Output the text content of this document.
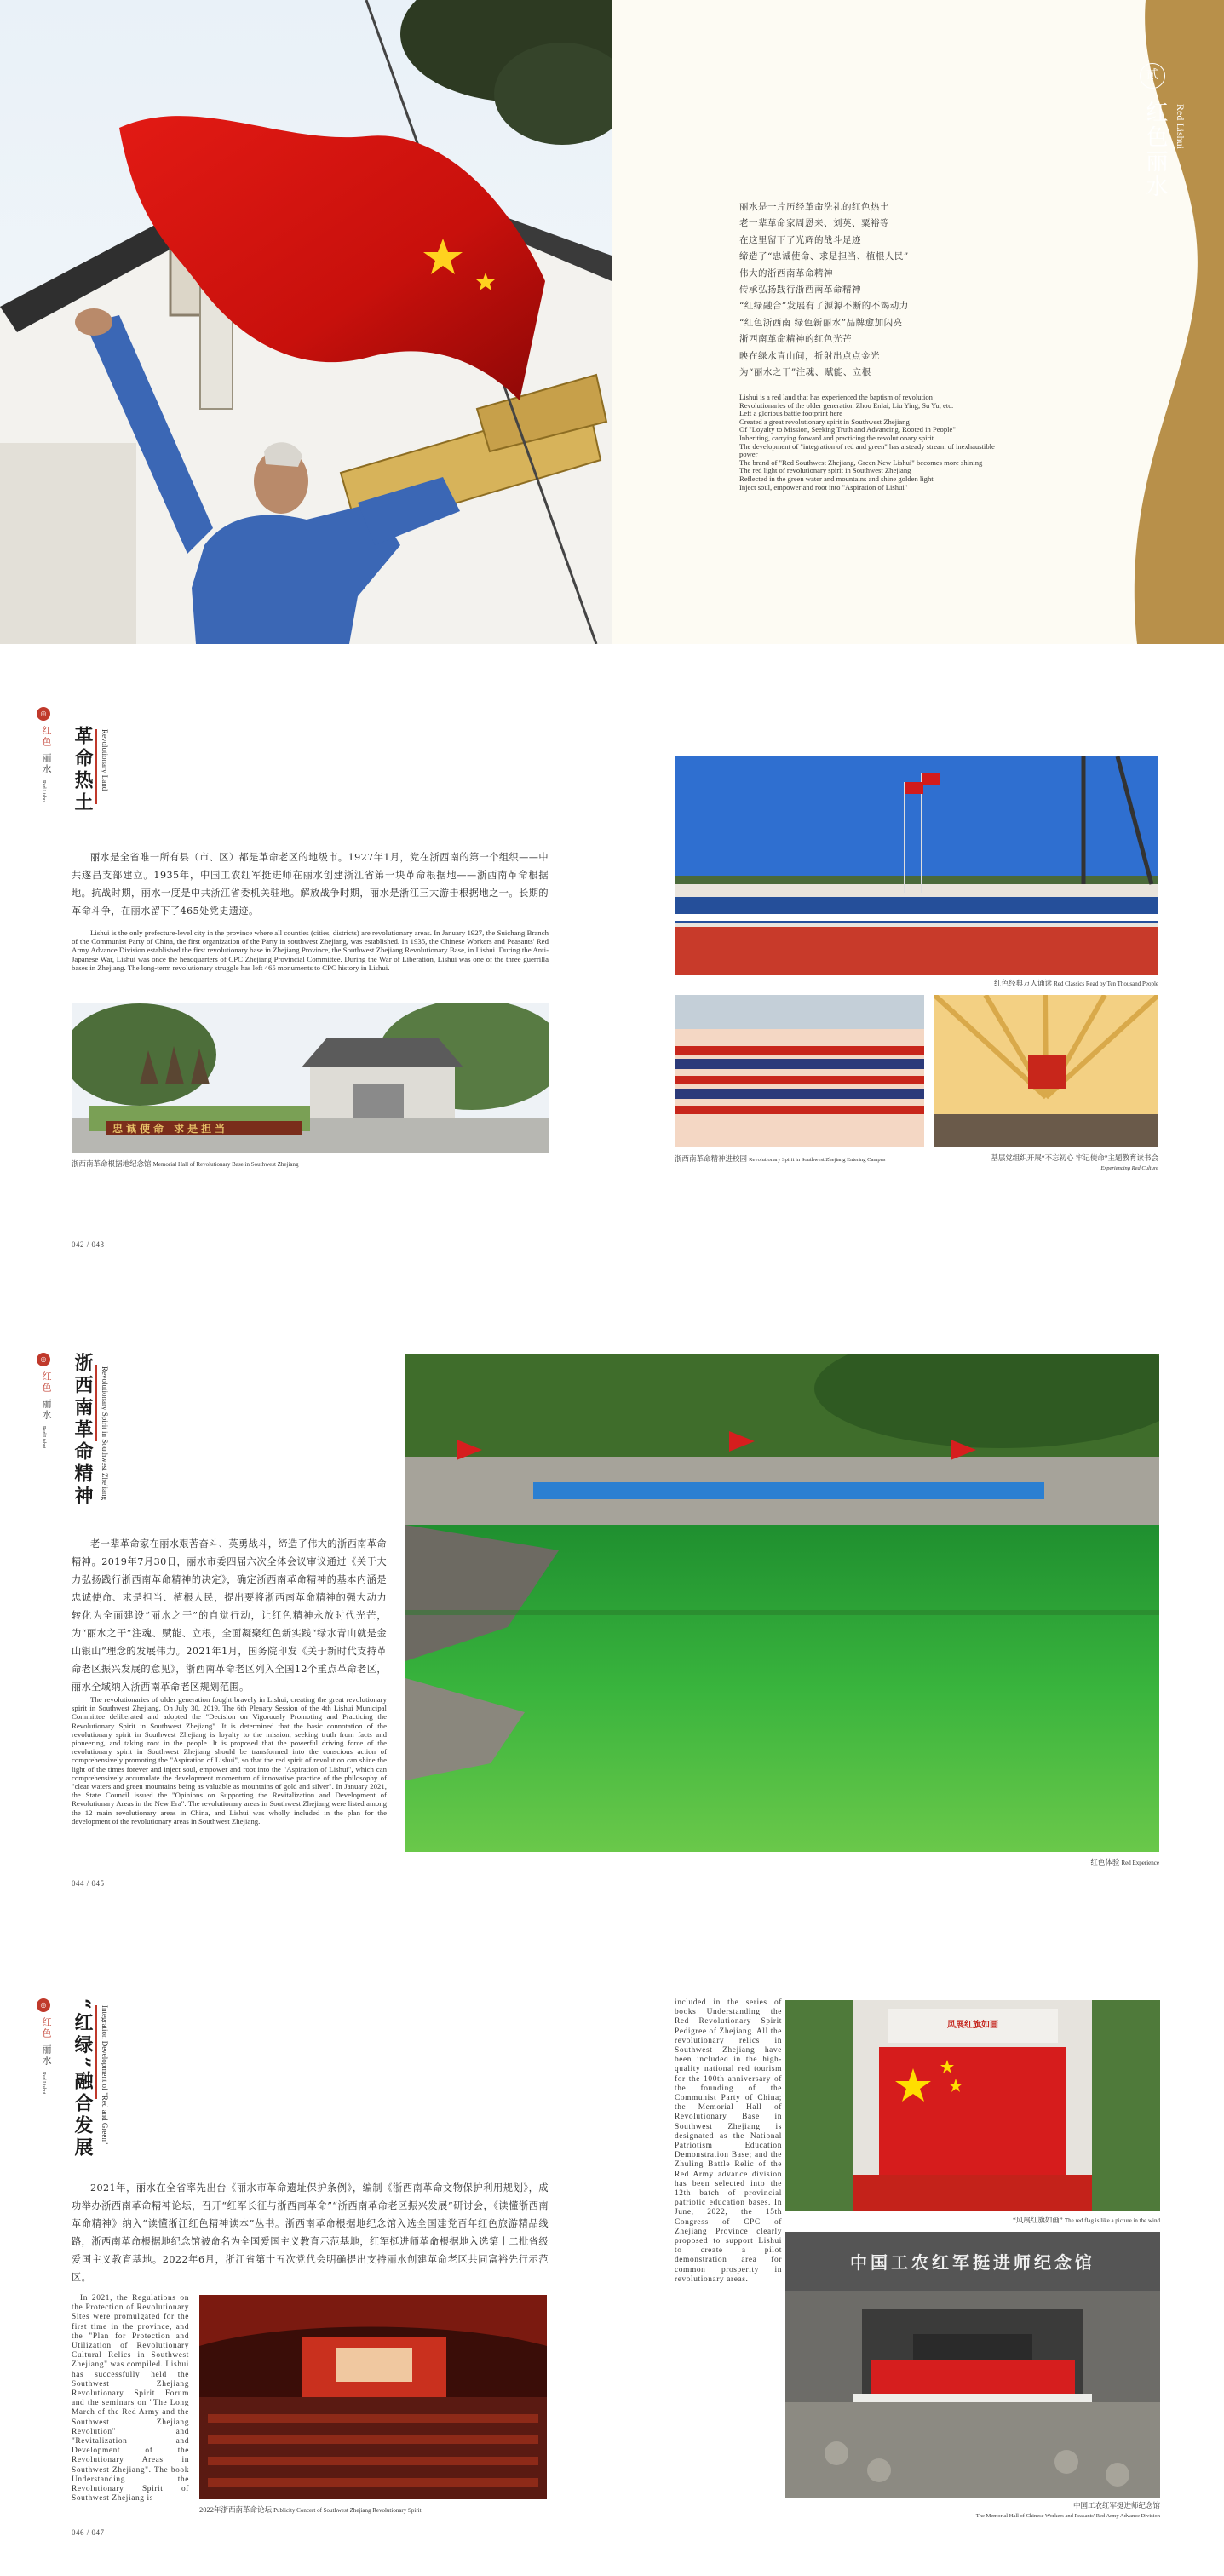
贰
红色丽水 Red Lishui
丽水是一片历经革命洗礼的红色热土
老一辈革命家周恩来、刘英、粟裕等
在这里留下了光辉的战斗足迹
缔造了“忠诚使命、求是担当、植根人民”
伟大的浙西南革命精神
传承弘扬践行浙西南革命精神
“红绿融合”发展有了源源不断的不竭动力
“红色浙西南 绿色新丽水”品牌愈加闪亮
浙西南革命精神的红色光芒
映在绿水青山间，折射出点点金光
为“丽水之干”注魂、赋能、立根
Lishui is a red land that has experienced the baptism of revolution
Revolutionaries of the older generation Zhou Enlai, Liu Ying, Su Yu, etc.
Left a glorious battle footprint here
Created a great revolutionary spirit in Southwest Zhejiang
Of "Loyalty to Mission, Seeking Truth and Advancing, Rooted in People"
Inheriting, carrying forward and practicing the revolutionary spirit
The development of "integration of red and green" has a steady stream of inexhaustible power
The brand of "Red Southwest Zhejiang, Green New Lishui" becomes more shining
The red light of revolutionary spirit in Southwest Zhejiang
Reflected in the green water and mountains and shine golden light
Inject soul, empower and root into "Aspiration of Lishui"
◎
红色
丽水
Red Lishui 革命热土 Revolutionary Land
丽水是全省唯一所有县（市、区）都是革命老区的地级市。1927年1月，党在浙西南的第一个组织——中共遂昌支部建立。1935年，中国工农红军挺进师在丽水创建浙江省第一块革命根据地——浙西南革命根据地。抗战时期，丽水一度是中共浙江省委机关驻地。解放战争时期，丽水是浙江三大游击根据地之一。长期的革命斗争，在丽水留下了465处党史遗迹。
Lishui is the only prefecture-level city in the province where all counties (cities, districts) are revolutionary areas. In January 1927, the Suichang Branch of the Communist Party of China, the first organization of the Party in southwest Zhejiang, was established. In 1935, the Chinese Workers and Peasants' Red Army Advance Division established the first revolutionary base in Zhejiang Province, the Southwest Zhejiang Revolutionary Base, in Lishui. During the Anti-Japanese War, Lishui was once the headquarters of CPC Zhejiang Provincial Committee. During the War of Liberation, Lishui was one of the three guerrilla bases in Zhejiang. The long-term revolutionary struggle has left 465 monuments to CPC history in Lishui.
忠诚使命 求是担当
浙西南革命根据地纪念馆 Memorial Hall of Revolutionary Base in Southwest Zhejiang
042 / 043
红色经典万人诵读 Red Classics Read by Ten Thousand People
浙西南革命精神进校园 Revolutionary Spirit in Southwest Zhejiang Entering Campus	基层党组织开展“不忘初心 牢记使命”主题教育读书会
Experiencing Red Culture
◎
红色
丽水
Red Lishui 浙西南革命精神 Revolutionary Spirit in Southwest Zhejiang
老一辈革命家在丽水艰苦奋斗、英勇战斗，缔造了伟大的浙西南革命精神。2019年7月30日，丽水市委四届六次全体会议审议通过《关于大力弘扬践行浙西南革命精神的决定》，确定浙西南革命精神的基本内涵是忠诚使命、求是担当、植根人民，提出要将浙西南革命精神的强大动力转化为全面建设“丽水之干”的自觉行动，让红色精神永放时代光芒，为“丽水之干”注魂、赋能、立根，全面凝聚红色新实践“绿水青山就是金山银山”理念的发展伟力。2021年1月，国务院印发《关于新时代支持革命老区振兴发展的意见》，浙西南革命老区列入全国12个重点革命老区，丽水全域纳入浙西南革命老区规划范围。
The revolutionaries of older generation fought bravely in Lishui, creating the great revolutionary spirit in Southwest Zhejiang. On July 30, 2019, The 6th Plenary Session of the 4th Lishui Municipal Committee deliberated and adopted the "Decision on Vigorously Promoting and Practicing the Revolutionary Spirit in Southwest Zhejiang". It is determined that the basic connotation of the revolutionary spirit in Southwest Zhejiang is loyalty to the mission, seeking truth from facts and pioneering, and taking root in the people. It is proposed that the powerful driving force of the revolutionary spirit in Southwest Zhejiang should be transformed into the conscious action of comprehensively promoting the "Aspiration of Lishui", so that the red spirit of revolution can shine the light of the times forever and inject soul, empower and root into the "Aspiration of Lishui", which can comprehensively accumulate the development momentum of innovative practice of the philosophy of "clear waters and green mountains being as valuable as mountains of gold and silver". In January 2021, the State Council issued the "Opinions on Supporting the Revitalization and Development of Revolutionary Areas in the New Era". The revolutionary areas in Southwest Zhejiang were listed among the 12 main revolutionary areas in China, and Lishui was wholly included in the plan for the development of the revolutionary areas in Southwest Zhejiang.
044 / 045
红色体验 Red Experience
◎
红色
丽水
Red Lishui “红绿”融合发展 Integration Development of "Red and Green"
2021年，丽水在全省率先出台《丽水市革命遗址保护条例》，编制《浙西南革命文物保护利用规划》，成功举办浙西南革命精神论坛，召开“红军长征与浙西南革命”“浙西南革命老区振兴发展”研讨会，《读懂浙西南革命精神》纳入“读懂浙江红色精神读本”丛书。浙西南革命根据地纪念馆入选全国建党百年红色旅游精品线路，浙西南革命根据地纪念馆被命名为全国爱国主义教育示范基地，红军挺进师革命根据地入选第十二批省级爱国主义教育基地。2022年6月，浙江省第十五次党代会明确提出支持丽水创建革命老区共同富裕先行示范区。
In 2021, the Regulations on the Protection of Revolutionary Sites were promulgated for the first time in the province, and the "Plan for Protection and Utilization of Revolutionary Cultural Relics in Southwest Zhejiang" was compiled. Lishui has successfully held the Southwest Zhejiang Revolutionary Spirit Forum and the seminars on "The Long March of the Red Army and the Southwest Zhejiang Revolution" and "Revitalization and Development of the Revolutionary Areas in Southwest Zhejiang". The book Understanding the Revolutionary Spirit of Southwest Zhejiang is
2022年浙西南革命论坛 Publicity Concert of Southwest Zhejiang Revolutionary Spirit
046 / 047
included in the series of books Understanding the Red Revolutionary Spirit Pedigree of Zhejiang. All the revolutionary relics in Southwest Zhejiang have been included in the high-quality national red tourism for the 100th anniversary of the founding of the Communist Party of China; the Memorial Hall of Revolutionary Base in Southwest Zhejiang is designated as the National Patriotism Education Demonstration Base; and the Zhuling Battle Relic of the Red Army advance division has been selected into the 12th batch of provincial patriotic education bases. In June, 2022, the 15th Congress of CPC of Zhejiang Province clearly proposed to support Lishui to create a pilot demonstration area for common prosperity in revolutionary areas.
风展红旗如画
“风展红旗如画” The red flag is like a picture in the wind
中国工农红军挺进师纪念馆
中国工农红军挺进师纪念馆
The Memorial Hall of Chinese Workers and Peasants' Red Army Advance Division
